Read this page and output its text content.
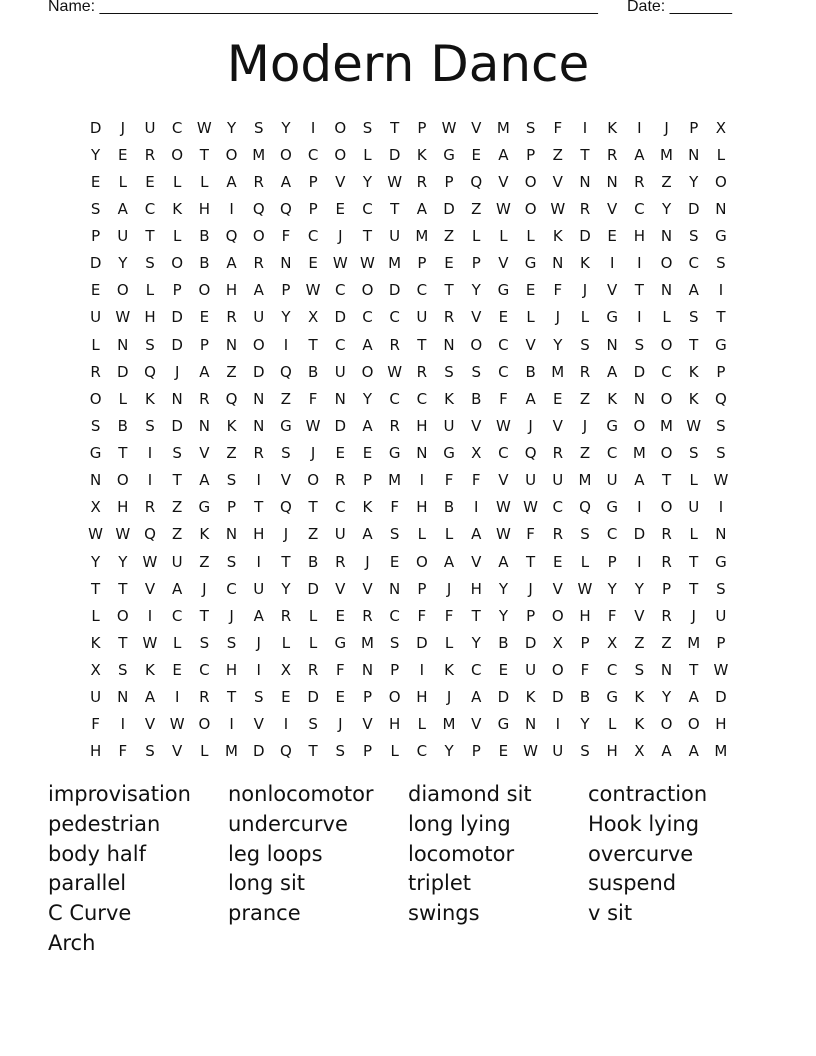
Name: ________________________________________________________ Date: _______
Modern Dance
D	J	U	C W	Y	S	Y	I	O	S	T	P	W V	M	S	F	I	K	I	J	P	X
Y	E	R	O	T	O M O	C	O	L	D	K	G	E	A	P	Z	T	R	A	M	N	L
E	L	E	L	L	A	R	A	P	V	Y	W R	P	Q	V	O	V	N	N	R	Z	Y	O
S	A	C	K	H	I	Q	Q	P	E	C	T	A	D	Z W O W R	V	C	Y	D	N
P	U	T	L	B	Q	O	F	C	J	T	U	M	Z	L	L	L	K	D	E	H	N	S	G
D	Y	S	O	B	A	R	N	E	W W M	P	E	P	V	G	N	K	I	I	O	C	S
E	O	L	P	O	H	A	P	W C	O	D	C	T	Y	G	E	F	J	V	T	N	A	I
U W H	D	E	R	U	Y	X	D	C	C	U	R	V	E	L	J	L	G	I	L	S	T
L	N	S	D	P	N	O	I	T	C	A	R	T	N	O	C	V	Y	S	N	S	O	T	G
R	D	Q	J	A	Z	D	Q	B	U	O W R	S	S	C	B	M	R	A	D	C	K	P
O	L	K	N	R	Q	N	Z	F	N	Y	C	C	K	B	F	A	E	Z	K	N	O	K	Q
S	B	S	D	N	K	N	G W D	A	R	H	U	V W	J	V	J	G	O M W	S
G	T	I	S	V	Z	R	S	J	E	E	G	N	G	X	C	Q	R	Z	C	M O	S	S
N	O	I	T	A	S	I	V	O	R	P	M	I	F	F	V	U	U	M	U	A	T	L	W
X	H	R	Z	G	P	T	Q	T	C	K	F	H	B	I	W W C	Q	G	I	O	U	I
W W Q	Z	K	N	H	J	Z	U	A	S	L	L	A W	F	R	S	C	D	R	L	N
Y	Y	W U	Z	S	I	T	B	R	J	E	O	A	V	A	T	E	L	P	I	R	T	G
T	T	V	A	J	C	U	Y	D	V	V	N	P	J	H	Y	J	V W	Y	Y	P	T	S
L	O	I	C	T	J	A	R	L	E	R	C	F	F	T	Y	P	O	H	F	V	R	J	U
K	T	W	L	S	S	J	L	L	G M	S	D	L	Y	B	D	X	P	X	Z	Z	M	P
X	S	K	E	C	H	I	X	R	F	N	P	I	K	C	E	U	O	F	C	S	N	T	W
U	N	A	I	R	T	S	E	D	E	P	O	H	J	A	D	K	D	B	G	K	Y	A	D
F	I	V W O	I	V	I	S	J	V	H	L	M	V	G	N	I	Y	L	K	O	O	H
H	F	S	V	L	M D	Q	T	S	P	L	C	Y	P	E	W U	S	H	X	A	A	M
improvisation	nonlocomotor	diamond sit	contraction
pedestrian	undercurve	long lying	Hook lying
body half	leg loops	locomotor	overcurve
parallel	long sit	triplet	suspend
C Curve	prance	swings	v sit
Arch
